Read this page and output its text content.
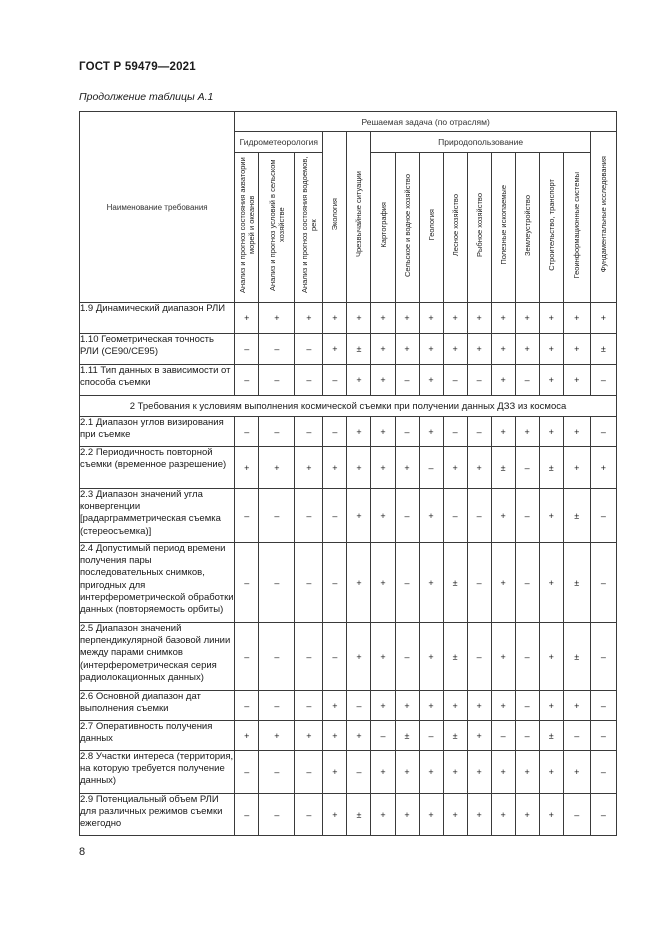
ГОСТ Р 59479—2021
Продолжение таблицы А.1
Наименование требования	Решаемая задача (по отраслям)														
	Гидрометеорология			Экология	Чрезвычайные ситуации	Природопользование									Фундаментальные исследования
	Анализ и прогноз состояния акватории морей и океанов	Анализ и прогноз условий в сельском хозяйстве	Анализ и прогноз состояния водоемов, рек			Картография	Сельское и водное хозяйство	Геология	Лесное хозяйство	Рыбное хозяйство	Полезные ископаемые	Землеустройство	Строительство, транспорт	Геоинформационные системы	
1.9 Динамический диапазон РЛИ	+	+	+	+	+	+	+	+	+	+	+	+	+	+	+
1.10 Геометрическая точность РЛИ (CE90/CE95)	–	–	–	+	±	+	+	+	+	+	+	+	+	+	±
1.11 Тип данных в зависимости от способа съемки	–	–	–	–	+	+	–	+	–	–	+	–	+	+	–
2 Требования к условиям выполнения космической съемки при получении данных ДЗЗ из космоса															
2.1 Диапазон углов визирования при съемке	–	–	–	–	+	+	–	+	–	–	+	+	+	+	–
2.2 Периодичность повторной съемки (временное разрешение)	+	+	+	+	+	+	+	–	+	+	±	–	±	+	+
2.3 Диапазон значений угла конвергенции [радарграмметрическая съемка (стереосъемка)]	–	–	–	–	+	+	–	+	–	–	+	–	+	±	–
2.4 Допустимый период времени получения пары последовательных снимков, пригодных для интерферометрической обработки данных (повторяемость орбиты)	–	–	–	–	+	+	–	+	±	–	+	–	+	±	–
2.5 Диапазон значений перпендикулярной базовой линии между парами снимков (интерферометрическая серия радиолокационных данных)	–	–	–	–	+	+	–	+	±	–	+	–	+	±	–
2.6 Основной диапазон дат выполнения съемки	–	–	–	+	–	+	+	+	+	+	+	–	+	+	–
2.7 Оперативность получения данных	+	+	+	+	+	–	±	–	±	+	–	–	±	–	–
2.8 Участки интереса (территория, на которую требуется получение данных)	–	–	–	+	–	+	+	+	+	+	+	+	+	+	–
2.9 Потенциальный объем РЛИ для различных режимов съемки ежегодно	–	–	–	+	±	+	+	+	+	+	+	+	+	–	–
8
